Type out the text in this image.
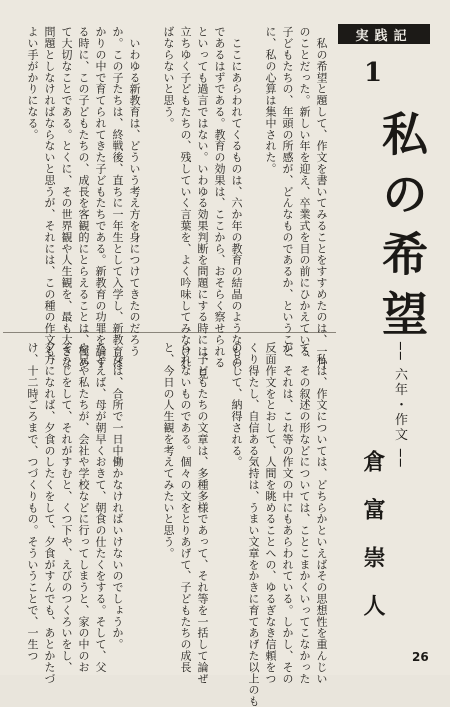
実践記
1
私の希望
── 六年・作文 ──
倉富崇人
　私の希望と題して、作文を書いてみることをすすめたのは、一月
のことだった。新しい年を迎え、卒業式を目の前にひかえている
子どもたちの、年頭の所感が、どんなものであるか、ということ
に、私の心算は集中された。
　ここにあらわれてくるものは、六か年の教育の結晶のようなもの、
であるはずである。教育の効果は、ここから、おそらく察せられる
といっても過言ではない。いわゆる効果判断を問題にする時には、見
立ちゆく子どもたちの、残していく言葉を、よく吟味してみなけれ
ばならないと思う。
　いわゆる新教育は、どういう考え方を身につけてきたのだろう
か。この子たちは、終戦後、直ちに一年生として入学し、新教育ば
かりの中で育てられてきた子どもたちである。新教育の功罪を論ず
る時に、この子どもたちの、成長を客観的にとらえることは、極め
て大切なことである。とくに、その世界観や人生観を、最も大きな
問題としなければならないと思うが、それには、この種の作文も、
よい手がかりになる。
　私は、作文については、どちらかといえばその思想性を重んじい
て、その叙述の形などについては、ことこまかくいってこなかった
が、それは、これ等の作文の中にもあらわれている。しかし、その
反面作文をとおして、人間を眺めることへの、ゆるぎなき信頼をつ
くり得たし、自信ある気持は、うまい文章をかきに育てあげた以上のも
のとして、納得される。
　子どもたちの文章は、多種多様であって、それ等を一括して論ぜ
られないものである。個々の文をとりあげて、子どもたちの成長
と、今日の人生観を考えてみたいと思う。
　女は、合所で一日中働かなければいけないのでしょうか。
たとえば、母が朝早くおきて、朝食の仕たくをする。そして、父
や兄や私たちが、会社や学校などに行ってしまうと、家の中のお
そうじをして、それがすむと、くつ下や、えびのつくろいをし、
夕方になれば、夕食のしたくをして、夕食がすんでも、あとかたづ
け、十二時ごろまで、つづくりもの。そういうことで、一生つ	26
